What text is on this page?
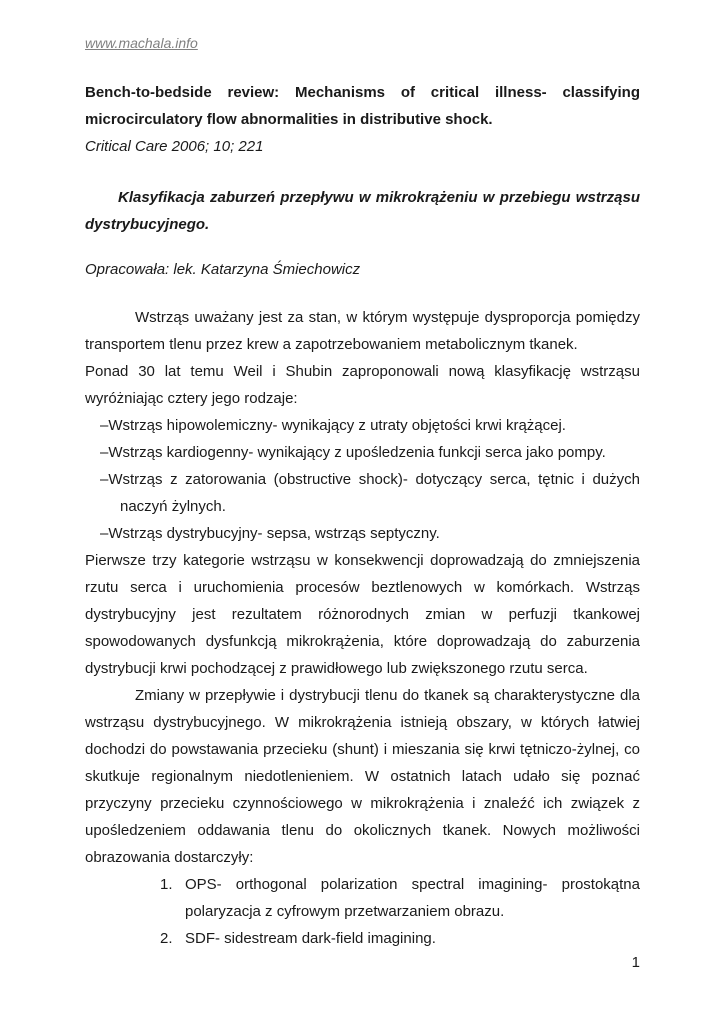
www.machala.info

Bench-to-bedside review: Mechanisms of critical illness- classifying microcirculatory flow abnormalities in distributive shock.

Critical Care 2006; 10; 221

Klasyfikacja zaburzeń przepływu w mikrokrążeniu w przebiegu wstrząsu dystrybucyjnego.

Opracowała: lek. Katarzyna Śmiechowicz

Wstrząs uważany jest za stan, w którym występuje dysproporcja pomiędzy transportem tlenu przez krew a zapotrzebowaniem metabolicznym tkanek.

Ponad 30 lat temu Weil i Shubin zaproponowali nową klasyfikację wstrząsu wyróżniając cztery jego rodzaje:

–Wstrząs hipowolemiczny- wynikający z utraty objętości krwi krążącej.

–Wstrząs kardiogenny- wynikający z upośledzenia funkcji serca jako pompy.

–Wstrząs z zatorowania (obstructive shock)- dotyczący serca, tętnic i dużych naczyń żylnych.

–Wstrząs dystrybucyjny- sepsa, wstrząs septyczny.

Pierwsze trzy kategorie wstrząsu w konsekwencji doprowadzają do zmniejszenia rzutu serca i uruchomienia procesów beztlenowych w komórkach. Wstrząs dystrybucyjny jest rezultatem różnorodnych zmian w perfuzji tkankowej spowodowanych dysfunkcją mikrokrążenia, które doprowadzają do zaburzenia dystrybucji krwi pochodzącej z prawidłowego lub zwiększonego rzutu serca.

Zmiany w przepływie i dystrybucji tlenu do tkanek są charakterystyczne dla wstrząsu dystrybucyjnego. W mikrokrążenia istnieją obszary, w których łatwiej dochodzi do powstawania przecieku (shunt) i mieszania się krwi tętniczo-żylnej, co skutkuje regionalnym niedotlenieniem. W ostatnich latach udało się poznać przyczyny przecieku czynnościowego w mikrokrążenia i znaleźć ich związek z upośledzeniem oddawania tlenu do okolicznych tkanek. Nowych możliwości obrazowania dostarczyły:

1. OPS- orthogonal polarization spectral imagining- prostokątna polaryzacja z cyfrowym przetwarzaniem obrazu.
2. SDF- sidestream dark-field imagining.
1
